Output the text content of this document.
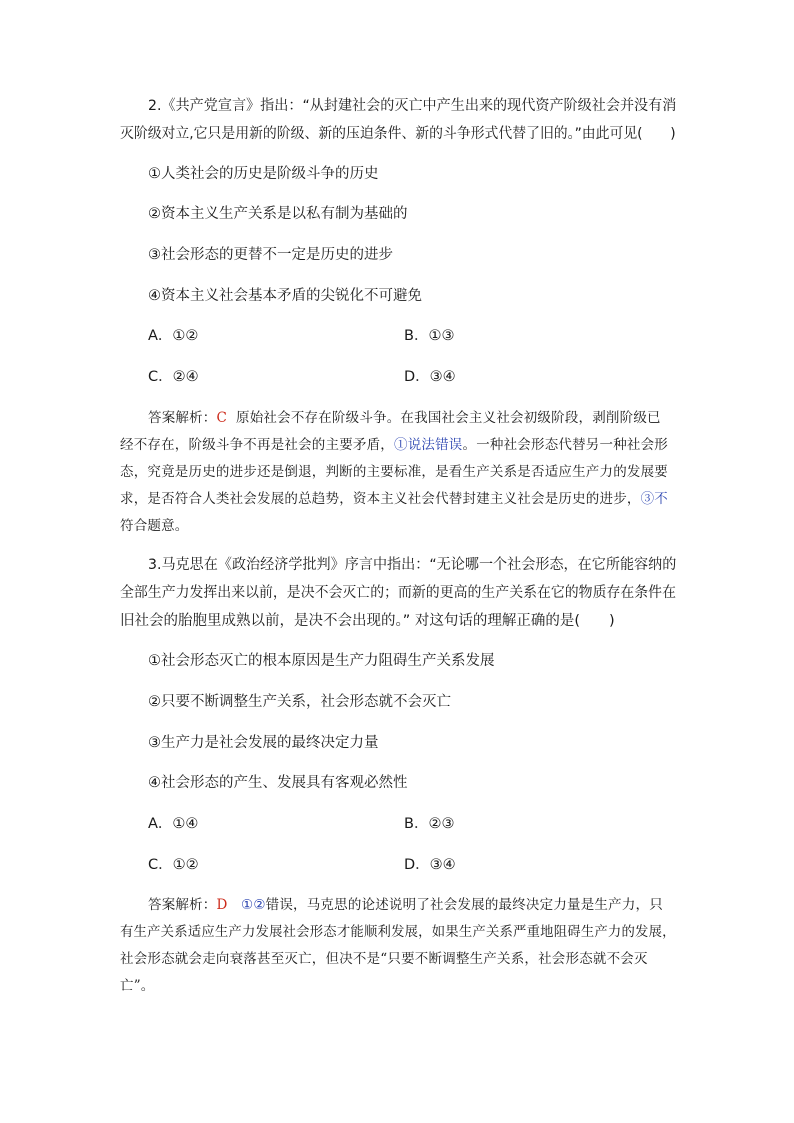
2.《共产党宣言》指出：“从封建社会的灭亡中产生出来的现代资产阶级社会并没有消
灭阶级对立,它只是用新的阶级、新的压迫条件、新的斗争形式代替了旧的。”由此可见(　　)
①人类社会的历史是阶级斗争的历史
②资本主义生产关系是以私有制为基础的
③社会形态的更替不一定是历史的进步
④资本主义社会基本矛盾的尖锐化不可避免
A．①②	B．①③
C．②④	D．③④
答案解析：C 原始社会不存在阶级斗争。在我国社会主义社会初级阶段，剥削阶级已
经不存在，阶级斗争不再是社会的主要矛盾，①说法错误。一种社会形态代替另一种社会形
态，究竟是历史的进步还是倒退，判断的主要标准，是看生产关系是否适应生产力的发展要
求，是否符合人类社会发展的总趋势，资本主义社会代替封建主义社会是历史的进步，③不
符合题意。
3.马克思在《政治经济学批判》序言中指出：“无论哪一个社会形态，在它所能容纳的
全部生产力发挥出来以前，是决不会灭亡的；而新的更高的生产关系在它的物质存在条件在
旧社会的胎胞里成熟以前，是决不会出现的。” 对这句话的理解正确的是(　　)
①社会形态灭亡的根本原因是生产力阻碍生产关系发展
②只要不断调整生产关系，社会形态就不会灭亡
③生产力是社会发展的最终决定力量
④社会形态的产生、发展具有客观必然性
A．①④	B．②③
C．①②	D．③④
答案解析：D ①②错误，马克思的论述说明了社会发展的最终决定力量是生产力，只
有生产关系适应生产力发展社会形态才能顺利发展，如果生产关系严重地阻碍生产力的发展，
社会形态就会走向衰落甚至灭亡，但决不是“只要不断调整生产关系，社会形态就不会灭
亡”。
